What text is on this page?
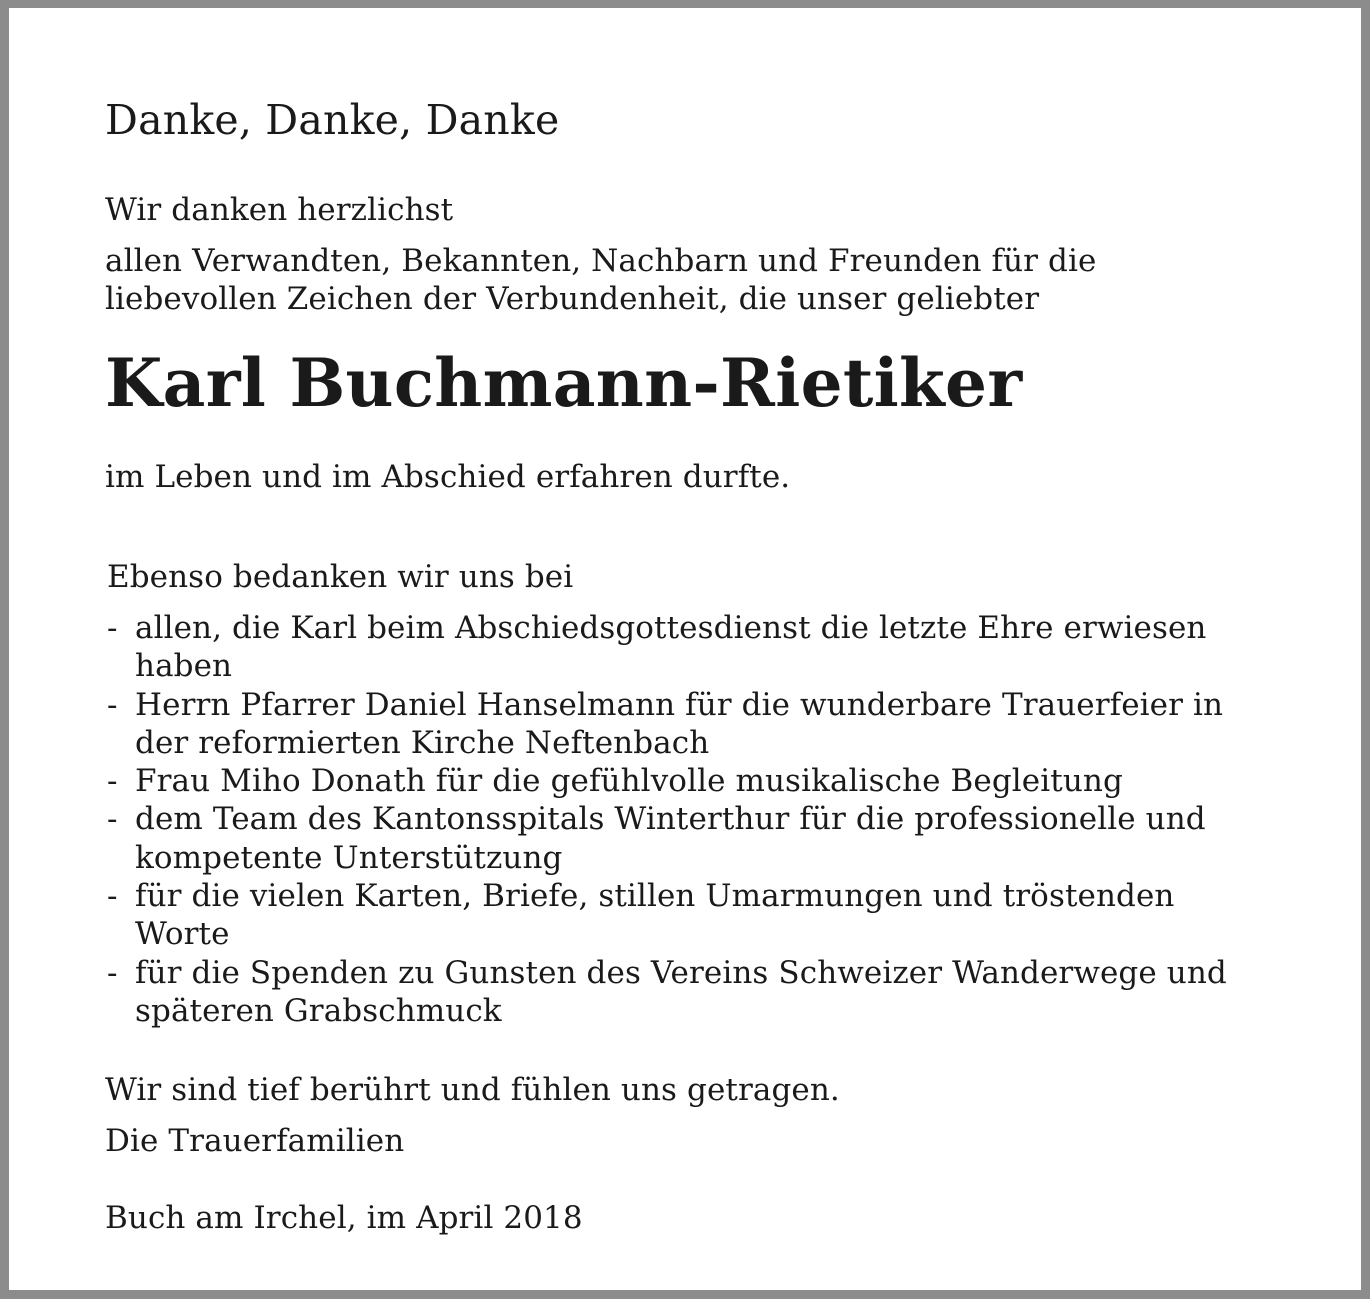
Danke, Danke, Danke
Wir danken herzlichst
allen Verwandten, Bekannten, Nachbarn und Freunden für die
liebevollen Zeichen der Verbundenheit, die unser geliebter
Karl Buchmann-Rietiker
im Leben und im Abschied erfahren durfte.
Ebenso bedanken wir uns bei
- allen, die Karl beim Abschiedsgottesdienst die letzte Ehre erwiesen
haben
- Herrn Pfarrer Daniel Hanselmann für die wunderbare Trauerfeier in
der reformierten Kirche Neftenbach
- Frau Miho Donath für die gefühlvolle musikalische Begleitung
- dem Team des Kantonsspitals Winterthur für die professionelle und
kompetente Unterstützung
- für die vielen Karten, Briefe, stillen Umarmungen und tröstenden
Worte
- für die Spenden zu Gunsten des Vereins Schweizer Wanderwege und
späteren Grabschmuck
Wir sind tief berührt und fühlen uns getragen.
Die Trauerfamilien
Buch am Irchel, im April 2018
